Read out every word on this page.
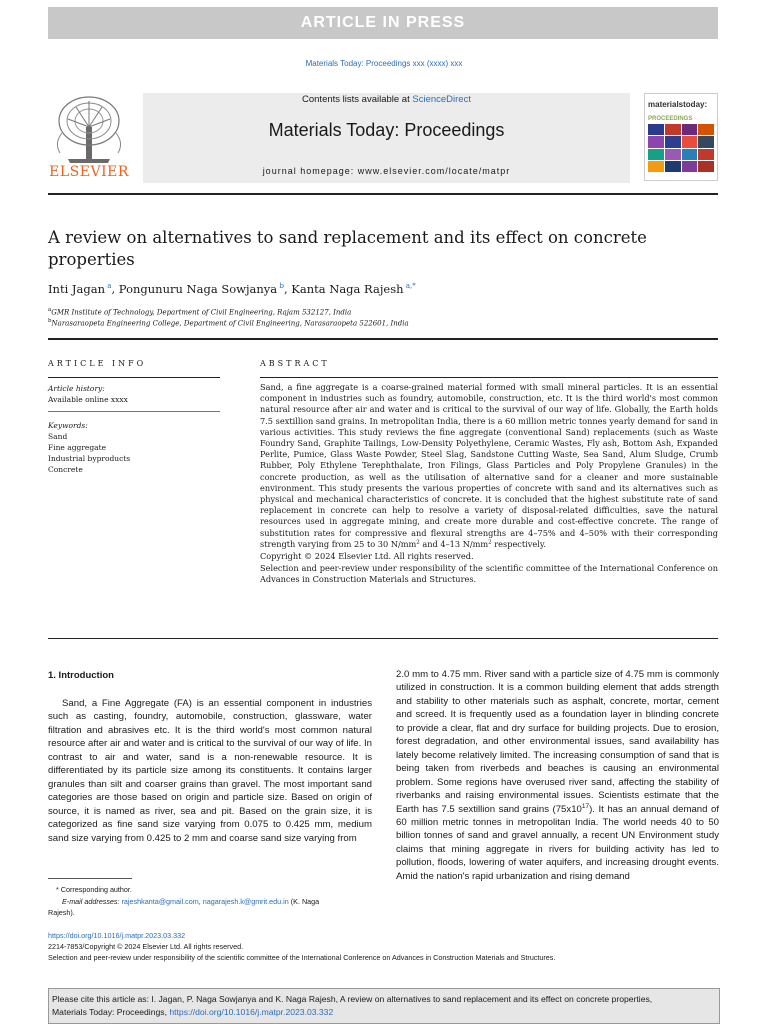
ARTICLE IN PRESS
Materials Today: Proceedings xxx (xxxx) xxx
ELSEVIER
Contents lists available at ScienceDirect
Materials Today: Proceedings
journal homepage: www.elsevier.com/locate/matpr
materialstoday:
PROCEEDINGS
A review on alternatives to sand replacement and its effect on concrete
properties
Inti Jagan  $^a$, Pongunuru Naga Sowjanya  $^b$, Kanta Naga Rajesh  $^{a,*}$
$^a$GMR Institute of Technology, Department of Civil Engineering, Rajam 532127, India
$^b$Narasaraopeta Engineering College, Department of Civil Engineering, Narasaraopeta 522601, India
ARTICLE INFO
Article history:
Available online xxxx
Keywords:
Sand
Fine aggregate
Industrial byproducts
Concrete
ABSTRACT

Sand, a fine aggregate is a coarse-grained material formed with small mineral particles. It is an essential component in industries such as foundry, automobile, construction, etc. It is the third world's most common natural resource after air and water and is critical to the survival of our way of life. Globally, the Earth holds 7.5 sextillion sand grains. In metropolitan India, there is a 60 million metric tonnes yearly demand for sand in various activities. This study reviews the fine aggregate (conventional Sand) replacements (such as Waste Foundry Sand, Graphite Tailings, Low-Density Polyethylene, Ceramic Wastes, Fly ash, Bottom Ash, Expanded Perlite, Pumice, Glass Waste Powder, Steel Slag, Sandstone Cutting Waste, Sea Sand, Alum Sludge, Crumb Rubber, Poly Ethylene Terephthalate, Iron Filings, Glass Particles and Poly Propylene Granules) in the concrete production, as well as the utilisation of alternative sand for a cleaner and more sustainable environment. This study presents the various properties of concrete with sand and its alternatives such as physical and mechanical characteristics of concrete. it is concluded that the highest substitute rate of sand replacement in concrete can help to resolve a variety of disposal-related difficulties, save the natural resources used in aggregate mining, and create more durable and cost-effective concrete. The range of substitution rates for compressive and flexural strengths are 4–75% and 4–50% with their corresponding strength varying from 25 to 30 $N/mm^2$ and 4–13 $N/mm^2$ respectively.

Copyright © 2024 Elsevier Ltd. All rights reserved.

Selection and peer-review under responsibility of the scientific committee of the International Conference on Advances in Construction Materials and Structures.

1. Introduction
Sand, a Fine Aggregate (FA) is an essential component in industries such as casting, foundry, automobile, construction, glassware, water filtration and abrasives etc. It is the third world's most common natural resource after air and water and is critical to the survival of our way of life. In contrast to air and water, sand is a non-renewable resource. It is differentiated by its particle size among its constituents. It contains larger granules than silt and coarser grains than gravel. The most important sand categories are those based on origin and particle size. Based on origin of source, it is named as river, sea and pit. Based on the grain size, it is categorized as fine sand size varying from 0.075 to 0.425 mm, medium sand size varying from 0.425 to 2 mm and coarse sand size varying from
2.0 mm to 4.75 mm. River sand with a particle size of 4.75 mm is commonly utilized in construction. It is a common building element that adds strength and stability to other materials such as asphalt, concrete, mortar, cement and screed. It is frequently used as a foundation layer in blinding concrete to provide a clear, flat and dry surface for building projects. Due to erosion, forest degradation, and other environmental issues, sand availability has lately become relatively limited. The increasing consumption of sand that is being taken from riverbeds and beaches is causing an environmental problem. Some regions have overused river sand, affecting the stability of riverbanks and raising environmental issues. Scientists estimate that the Earth has 7.5 sextillion sand grains $(75x10^{17})$. It has an annual demand of 60 million metric tonnes in metropolitan India. The world needs 40 to 50 billion tonnes of sand and gravel annually, a recent UN Environment study claims that mining aggregate in rivers for building activity has led to pollution, floods, lowering of water aquifers, and increasing drought events. Amid the nation's rapid urbanization and rising demand
* Corresponding author.
E-mail addresses: rajeshkanta@gmail.com, nagarajesh.k@gmrit.edu.in (K. Naga
Rajesh).
https://doi.org/10.1016/j.matpr.2023.03.332
2214-7853/Copyright © 2024 Elsevier Ltd. All rights reserved.
Selection and peer-review under responsibility of the scientific committee of the International Conference on Advances in Construction Materials and Structures.
Please cite this article as: I. Jagan, P. Naga Sowjanya and K. Naga Rajesh, A review on alternatives to sand replacement and its effect on concrete properties,
Materials Today: Proceedings, https://doi.org/10.1016/j.matpr.2023.03.332
